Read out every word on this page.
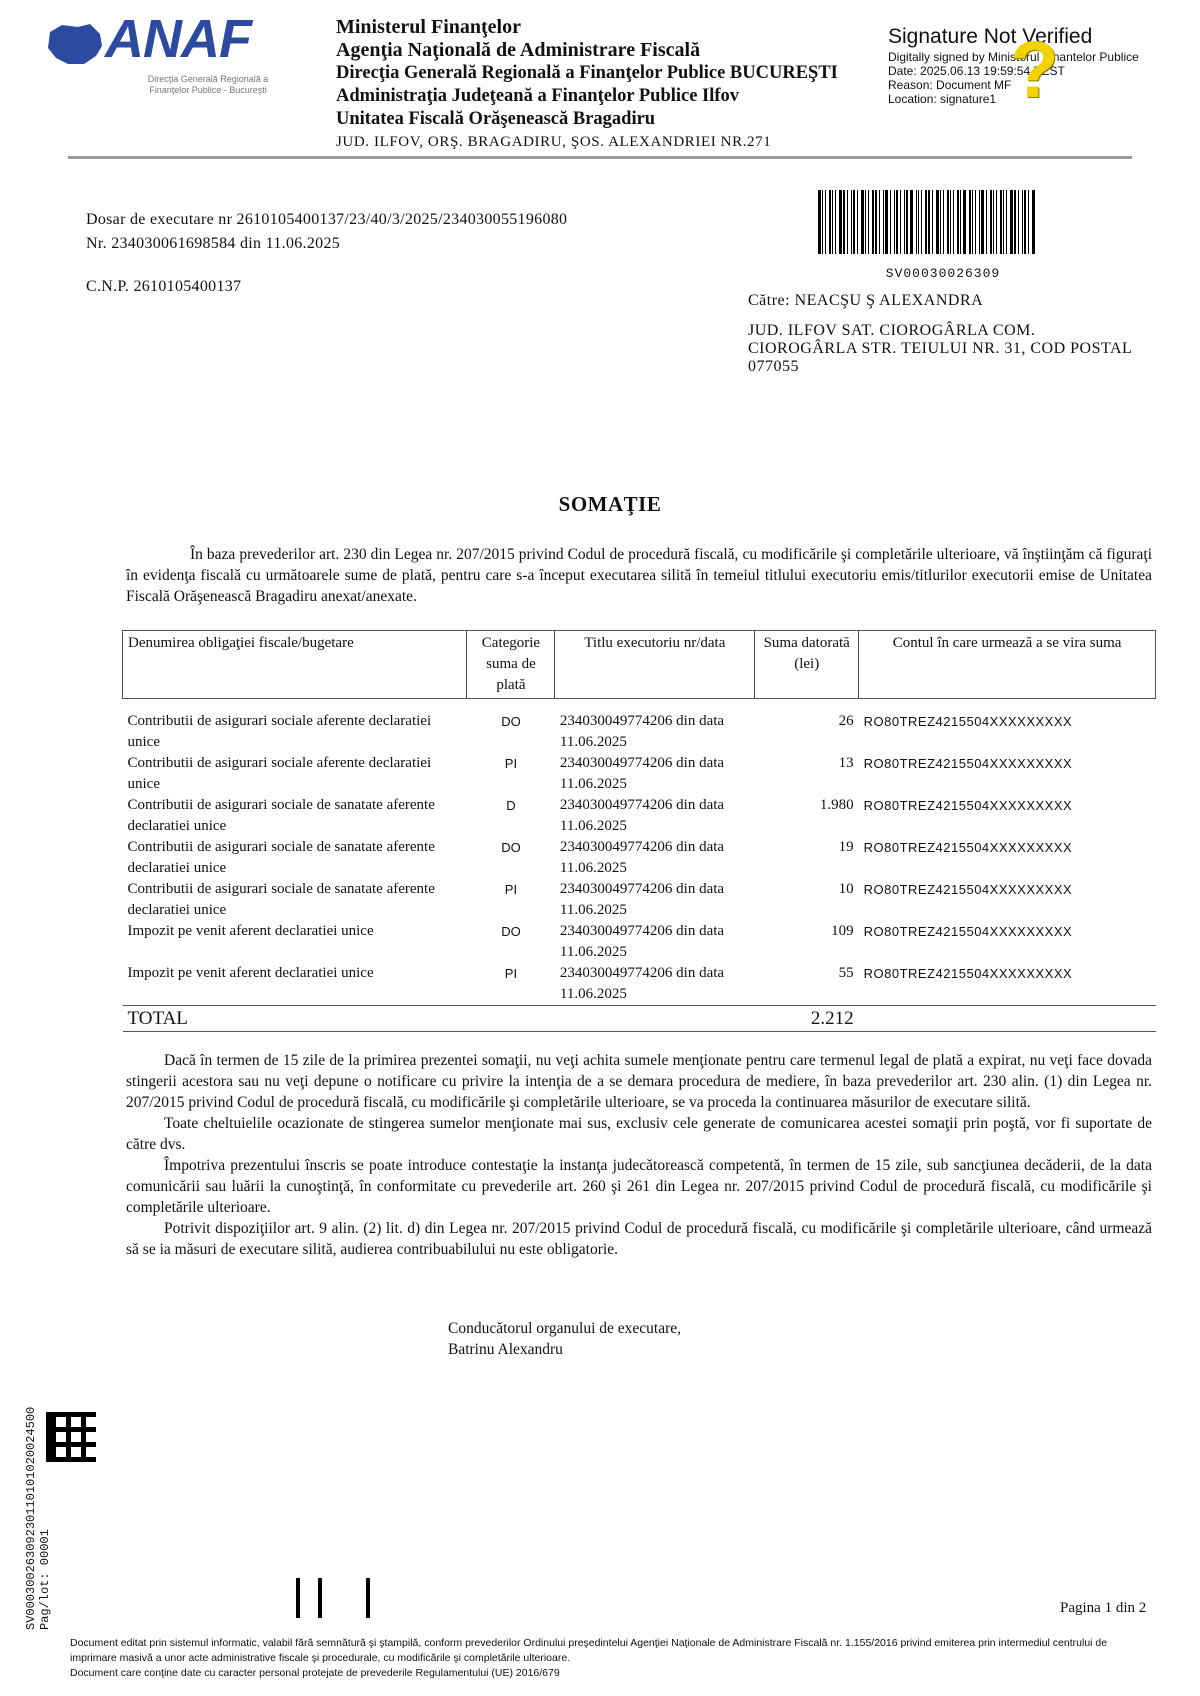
ANAF
Direcţia Generală Regională a Finanţelor Publice - Bucureşti
Ministerul Finanţelor
Agenţia Naţională de Administrare Fiscală
Direcţia Generală Regională a Finanţelor Publice BUCUREŞTI
Administraţia Judeţeană a Finanţelor Publice Ilfov
Unitatea Fiscală Orăşenească Bragadiru
JUD. ILFOV, ORŞ. BRAGADIRU, ŞOS. ALEXANDRIEI NR.271
Signature Not Verified
Digitally signed by Ministerul Finantelor Publice
Date: 2025.06.13 19:59:54 EEST
Reason: Document MF
Location: signature1 ?
Dosar de executare nr 2610105400137/23/40/3/2025/234030055196080
Nr. 234030061698584 din 11.06.2025
C.N.P. 2610105400137
SV00030026309
Către: NEACŞU Ş ALEXANDRA
JUD. ILFOV SAT. CIOROGÂRLA COM.
CIOROGÂRLA STR. TEIULUI NR. 31, COD POSTAL
077055
SOMAŢIE
În baza prevederilor art. 230 din Legea nr. 207/2015 privind Codul de procedură fiscală, cu modificările şi completările ulterioare, vă înştiinţăm că figuraţi în evidenţa fiscală cu următoarele sume de plată, pentru care s-a început executarea silită în temeiul titlului executoriu emis/titlurilor executorii emise de Unitatea Fiscală Orăşenească Bragadiru anexat/anexate.
Denumirea obligaţiei fiscale/bugetare	Categorie suma de plată	Titlu executoriu nr/data	Suma datorată (lei)	Contul în care urmează a se vira suma

Contributii de asigurari sociale aferente declaratiei unice	DO	234030049774206 din data 11.06.2025	26	RO80TREZ4215504XXXXXXXXX
Contributii de asigurari sociale aferente declaratiei unice	PI	234030049774206 din data 11.06.2025	13	RO80TREZ4215504XXXXXXXXX
Contributii de asigurari sociale de sanatate aferente declaratiei unice	D	234030049774206 din data 11.06.2025	1.980	RO80TREZ4215504XXXXXXXXX
Contributii de asigurari sociale de sanatate aferente declaratiei unice	DO	234030049774206 din data 11.06.2025	19	RO80TREZ4215504XXXXXXXXX
Contributii de asigurari sociale de sanatate aferente declaratiei unice	PI	234030049774206 din data 11.06.2025	10	RO80TREZ4215504XXXXXXXXX
Impozit pe venit aferent declaratiei unice	DO	234030049774206 din data 11.06.2025	109	RO80TREZ4215504XXXXXXXXX
Impozit pe venit aferent declaratiei unice	PI	234030049774206 din data 11.06.2025	55	RO80TREZ4215504XXXXXXXXX
TOTAL			2.212	

Dacă în termen de 15 zile de la primirea prezentei somaţii, nu veţi achita sumele menţionate pentru care termenul legal de plată a expirat, nu veţi face dovada stingerii acestora sau nu veţi depune o notificare cu privire la intenţia de a se demara procedura de mediere, în baza prevederilor art. 230 alin. (1) din Legea nr. 207/2015 privind Codul de procedură fiscală, cu modificările şi completările ulterioare, se va proceda la continuarea măsurilor de executare silită.

Toate cheltuielile ocazionate de stingerea sumelor menţionate mai sus, exclusiv cele generate de comunicarea acestei somaţii prin poştă, vor fi suportate de către dvs.

Împotriva prezentului înscris se poate introduce contestaţie la instanţa judecătorească competentă, în termen de 15 zile, sub sancţiunea decăderii, de la data comunicării sau luării la cunoştinţă, în conformitate cu prevederile art. 260 şi 261 din Legea nr. 207/2015 privind Codul de procedură fiscală, cu modificările şi completările ulterioare.

Potrivit dispoziţiilor art. 9 alin. (2) lit. d) din Legea nr. 207/2015 privind Codul de procedură fiscală, cu modificările şi completările ulterioare, când urmează să se ia măsuri de executare silită, audierea contribuabilului nu este obligatorie.

Conducătorul organului de executare,
Batrinu Alexandru
SV00030026309230110101020024500 Pag/lot: 00001	Pagina 1 din 2
Document editat prin sistemul informatic, valabil fără semnătură şi ştampilă, conform prevederilor Ordinului preşedintelui Agenţiei Naţionale de Administrare Fiscală nr. 1.155/2016 privind emiterea prin intermediul centrului de imprimare masivă a unor acte administrative fiscale şi procedurale, cu modificările şi completările ulterioare.
Document care conţine date cu caracter personal protejate de prevederile Regulamentului (UE) 2016/679
